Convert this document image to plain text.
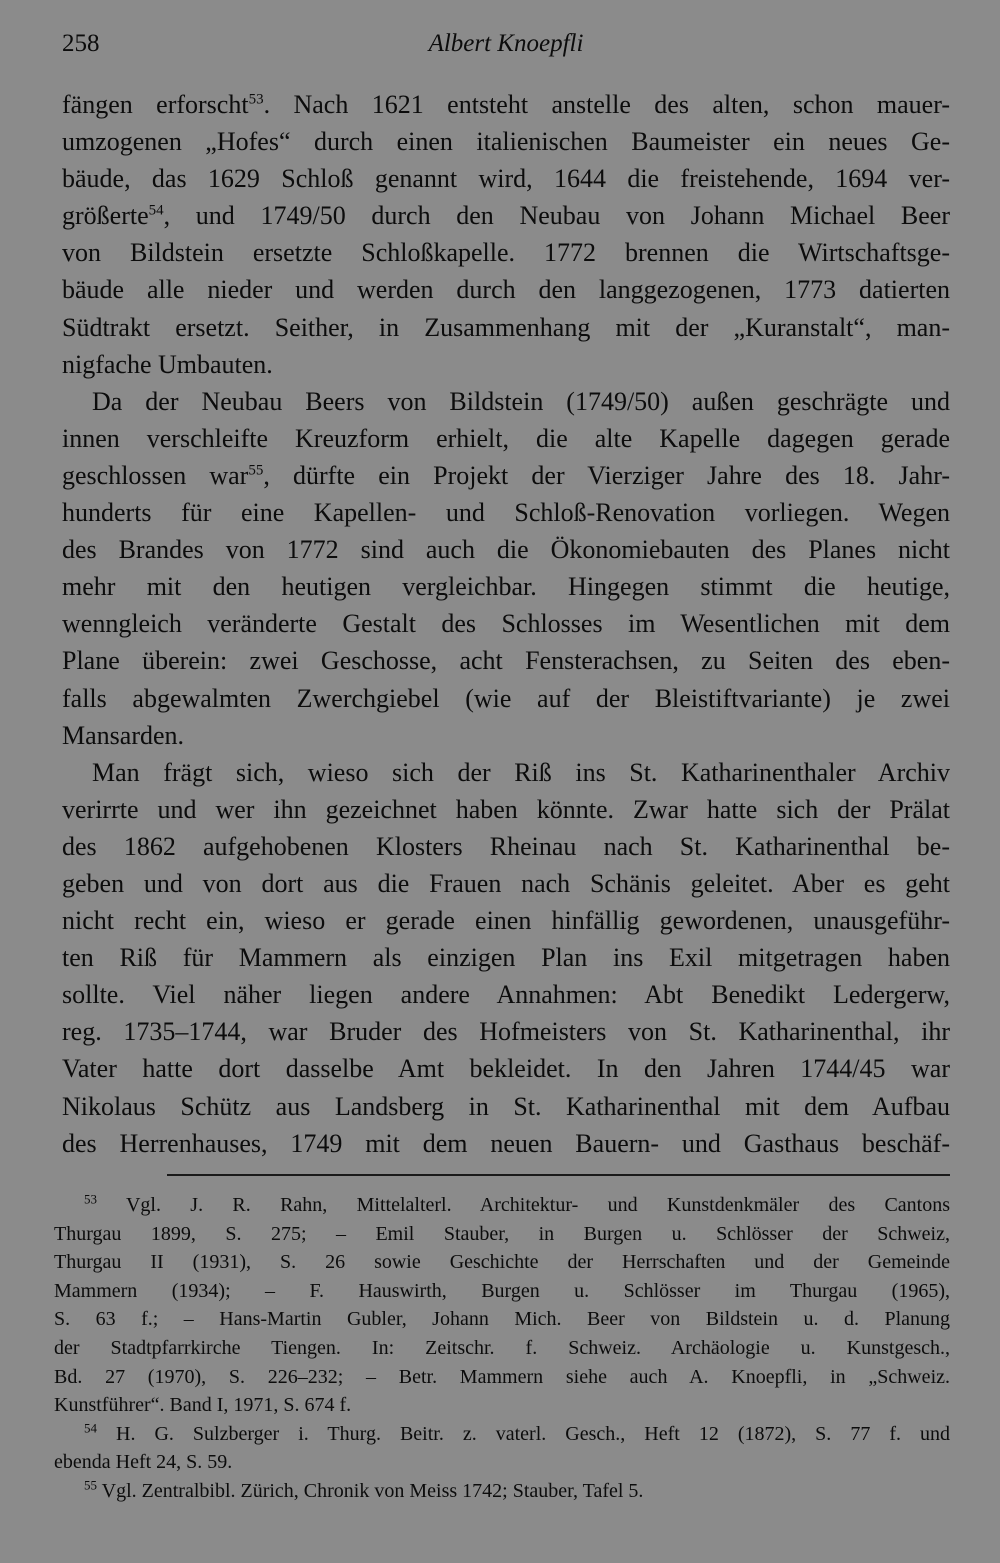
258	Albert Knoepfli
fängen erforscht$^{53}$. Nach 1621 entsteht anstelle des alten, schon mauer-
umzogenen „Hofes“ durch einen italienischen Baumeister ein neues Ge-
bäude, das 1629 Schloß genannt wird, 1644 die freistehende, 1694 ver-
größerte$^{54}$, und 1749/50 durch den Neubau von Johann Michael Beer
von Bildstein ersetzte Schloßkapelle. 1772 brennen die Wirtschaftsge-
bäude alle nieder und werden durch den langgezogenen, 1773 datierten
Südtrakt ersetzt. Seither, in Zusammenhang mit der „Kuranstalt“, man-
nigfache Umbauten.
Da der Neubau Beers von Bildstein (1749/50) außen geschrägte und
innen verschleifte Kreuzform erhielt, die alte Kapelle dagegen gerade
geschlossen war$^{55}$, dürfte ein Projekt der Vierziger Jahre des 18. Jahr-
hunderts für eine Kapellen- und Schloß-Renovation vorliegen. Wegen
des Brandes von 1772 sind auch die Ökonomiebauten des Planes nicht
mehr mit den heutigen vergleichbar. Hingegen stimmt die heutige,
wenngleich veränderte Gestalt des Schlosses im Wesentlichen mit dem
Plane überein: zwei Geschosse, acht Fensterachsen, zu Seiten des eben-
falls abgewalmten Zwerchgiebel (wie auf der Bleistiftvariante) je zwei
Mansarden.
Man frägt sich, wieso sich der Riß ins St. Katharinenthaler Archiv
verirrte und wer ihn gezeichnet haben könnte. Zwar hatte sich der Prälat
des 1862 aufgehobenen Klosters Rheinau nach St. Katharinenthal be-
geben und von dort aus die Frauen nach Schänis geleitet. Aber es geht
nicht recht ein, wieso er gerade einen hinfällig gewordenen, unausgeführ-
ten Riß für Mammern als einzigen Plan ins Exil mitgetragen haben
sollte. Viel näher liegen andere Annahmen: Abt Benedikt Ledergerw,
reg. 1735–1744, war Bruder des Hofmeisters von St. Katharinenthal, ihr
Vater hatte dort dasselbe Amt bekleidet. In den Jahren 1744/45 war
Nikolaus Schütz aus Landsberg in St. Katharinenthal mit dem Aufbau
des Herrenhauses, 1749 mit dem neuen Bauern- und Gasthaus beschäf-
$^{53}$ Vgl. J. R. Rahn, Mittelalterl. Architektur- und Kunstdenkmäler des Cantons
Thurgau 1899, S. 275; – Emil Stauber, in Burgen u. Schlösser der Schweiz,
Thurgau II (1931), S. 26 sowie Geschichte der Herrschaften und der Gemeinde
Mammern (1934); – F. Hauswirth, Burgen u. Schlösser im Thurgau (1965),
S. 63 f.; – Hans-Martin Gubler, Johann Mich. Beer von Bildstein u. d. Planung
der Stadtpfarrkirche Tiengen. In: Zeitschr. f. Schweiz. Archäologie u. Kunstgesch.,
Bd. 27 (1970), S. 226–232; – Betr. Mammern siehe auch A. Knoepfli, in „Schweiz.
Kunstführer“. Band I, 1971, S. 674 f.
$^{54}$ H. G. Sulzberger i. Thurg. Beitr. z. vaterl. Gesch., Heft 12 (1872), S. 77 f. und
ebenda Heft 24, S. 59.
$^{55}$ Vgl. Zentralbibl. Zürich, Chronik von Meiss 1742; Stauber, Tafel 5.
